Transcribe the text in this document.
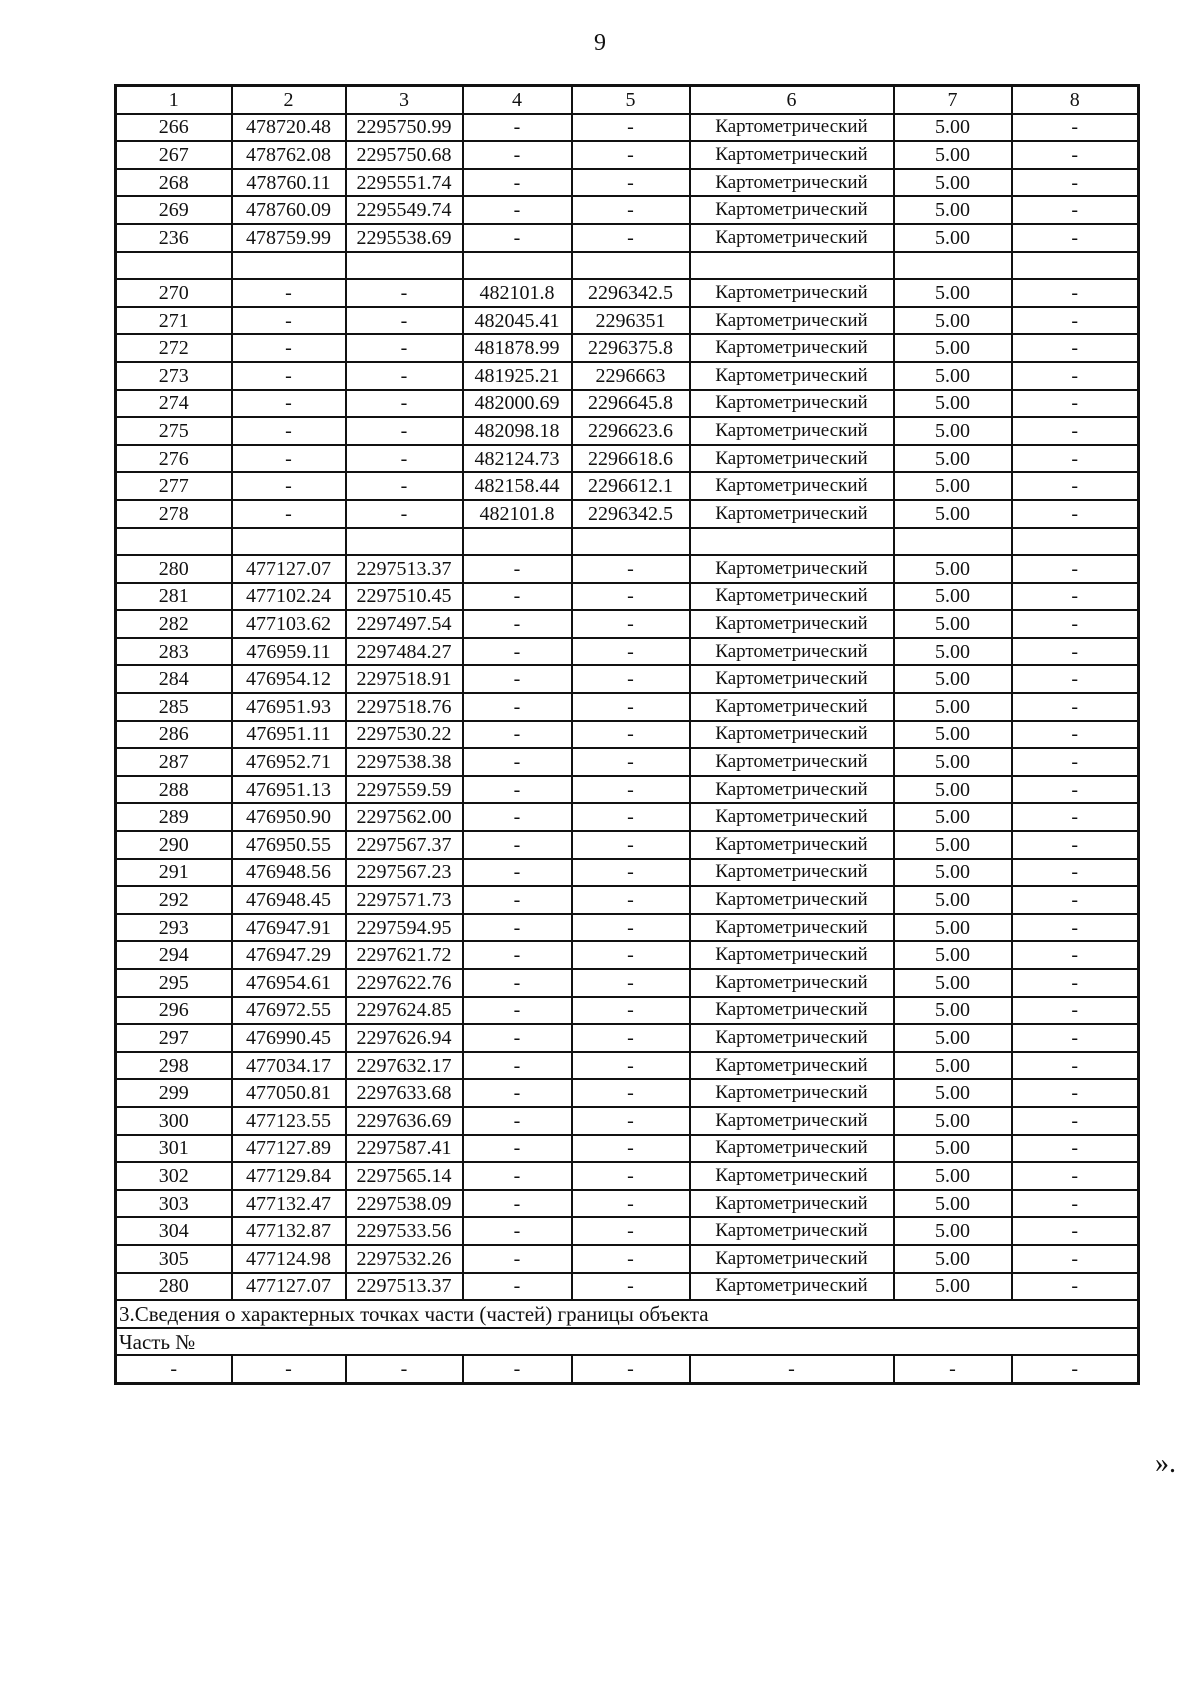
9
1	2	3	4	5	6	7	8
266	478720.48	2295750.99	-	-	Картометрический	5.00	-
267	478762.08	2295750.68	-	-	Картометрический	5.00	-
268	478760.11	2295551.74	-	-	Картометрический	5.00	-
269	478760.09	2295549.74	-	-	Картометрический	5.00	-
236	478759.99	2295538.69	-	-	Картометрический	5.00	-

270	-	-	482101.8	2296342.5	Картометрический	5.00	-
271	-	-	482045.41	2296351	Картометрический	5.00	-
272	-	-	481878.99	2296375.8	Картометрический	5.00	-
273	-	-	481925.21	2296663	Картометрический	5.00	-
274	-	-	482000.69	2296645.8	Картометрический	5.00	-
275	-	-	482098.18	2296623.6	Картометрический	5.00	-
276	-	-	482124.73	2296618.6	Картометрический	5.00	-
277	-	-	482158.44	2296612.1	Картометрический	5.00	-
278	-	-	482101.8	2296342.5	Картометрический	5.00	-

280	477127.07	2297513.37	-	-	Картометрический	5.00	-
281	477102.24	2297510.45	-	-	Картометрический	5.00	-
282	477103.62	2297497.54	-	-	Картометрический	5.00	-
283	476959.11	2297484.27	-	-	Картометрический	5.00	-
284	476954.12	2297518.91	-	-	Картометрический	5.00	-
285	476951.93	2297518.76	-	-	Картометрический	5.00	-
286	476951.11	2297530.22	-	-	Картометрический	5.00	-
287	476952.71	2297538.38	-	-	Картометрический	5.00	-
288	476951.13	2297559.59	-	-	Картометрический	5.00	-
289	476950.90	2297562.00	-	-	Картометрический	5.00	-
290	476950.55	2297567.37	-	-	Картометрический	5.00	-
291	476948.56	2297567.23	-	-	Картометрический	5.00	-
292	476948.45	2297571.73	-	-	Картометрический	5.00	-
293	476947.91	2297594.95	-	-	Картометрический	5.00	-
294	476947.29	2297621.72	-	-	Картометрический	5.00	-
295	476954.61	2297622.76	-	-	Картометрический	5.00	-
296	476972.55	2297624.85	-	-	Картометрический	5.00	-
297	476990.45	2297626.94	-	-	Картометрический	5.00	-
298	477034.17	2297632.17	-	-	Картометрический	5.00	-
299	477050.81	2297633.68	-	-	Картометрический	5.00	-
300	477123.55	2297636.69	-	-	Картометрический	5.00	-
301	477127.89	2297587.41	-	-	Картометрический	5.00	-
302	477129.84	2297565.14	-	-	Картометрический	5.00	-
303	477132.47	2297538.09	-	-	Картометрический	5.00	-
304	477132.87	2297533.56	-	-	Картометрический	5.00	-
305	477124.98	2297532.26	-	-	Картометрический	5.00	-
280	477127.07	2297513.37	-	-	Картометрический	5.00	-
3.Сведения о характерных точках части (частей) границы объекта							
Часть №							
-	-	-	-	-	-	-	-
».
